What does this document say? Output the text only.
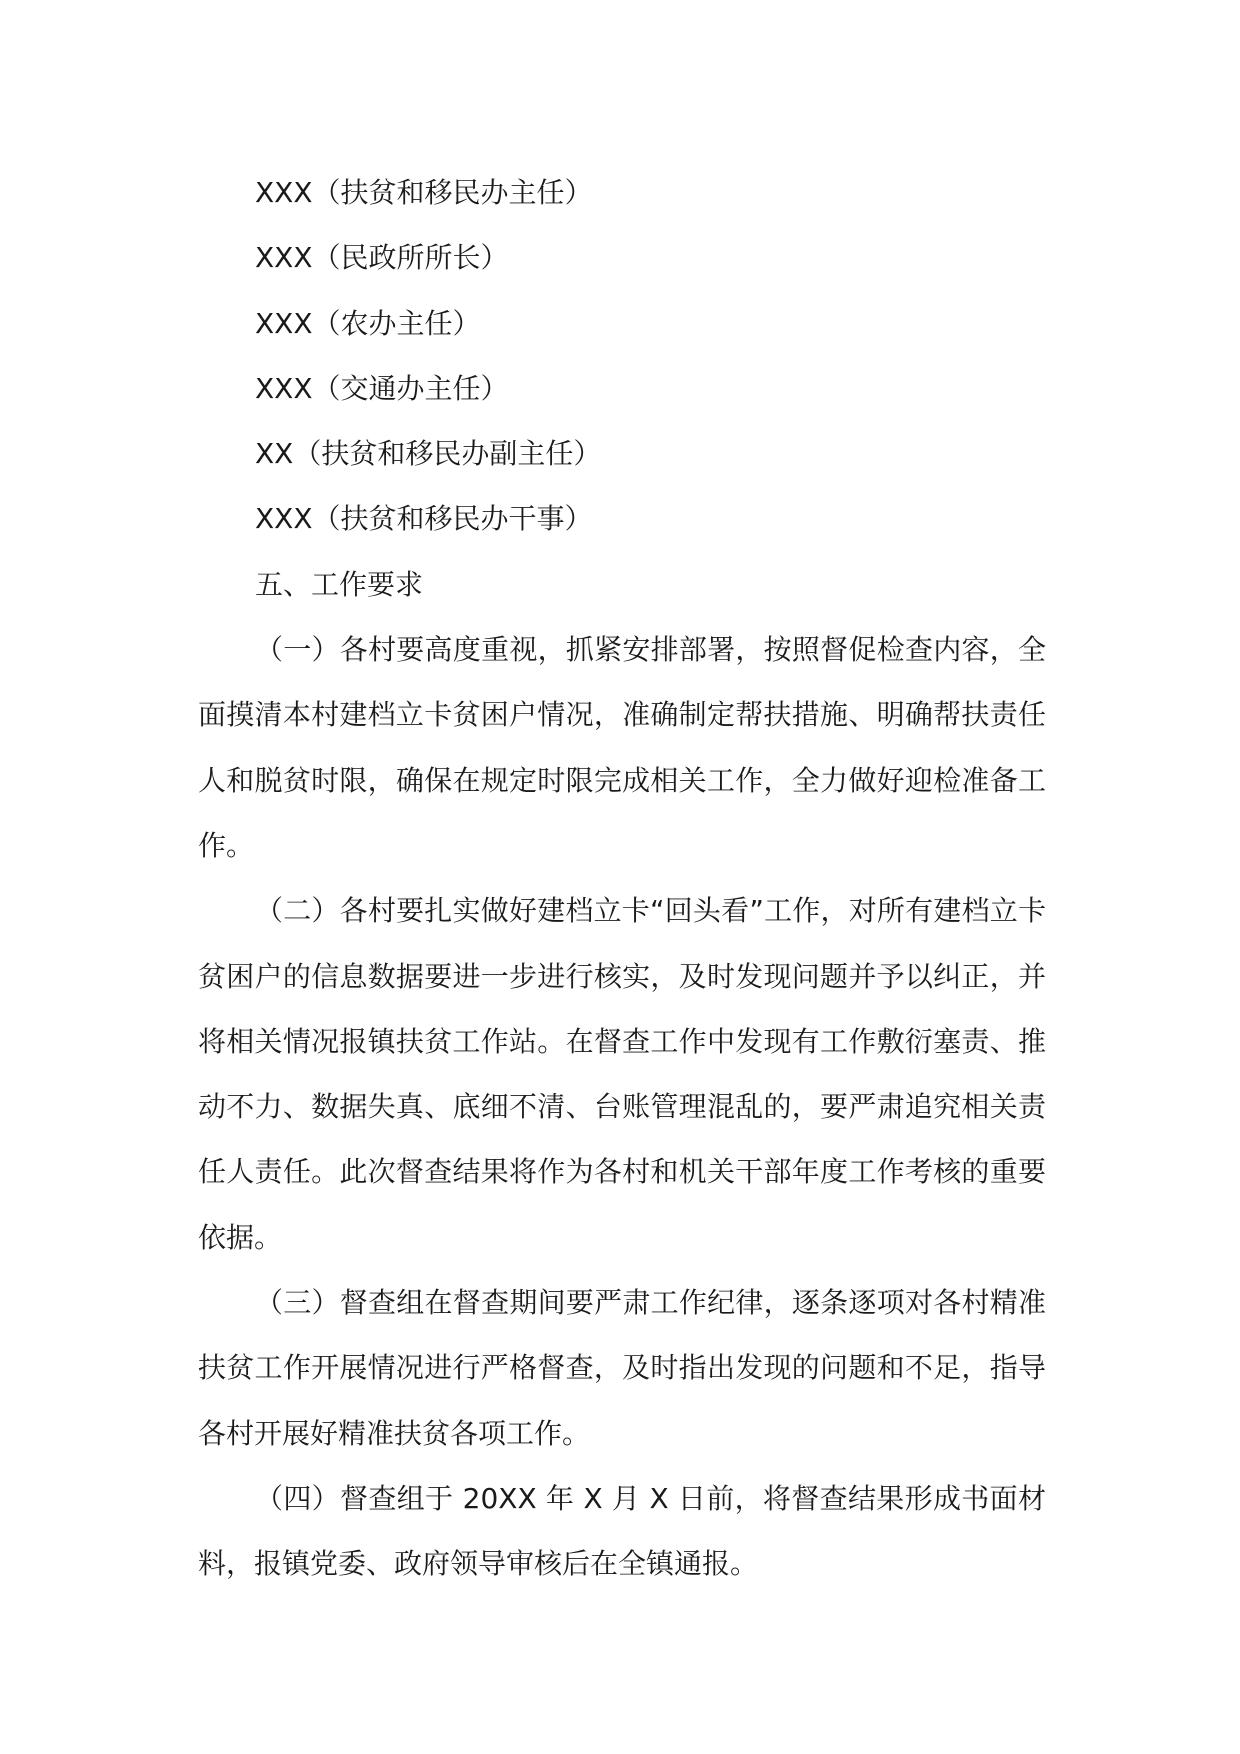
XXX（扶贫和移民办主任）
XXX（民政所所长）
XXX（农办主任）
XXX（交通办主任）
XX（扶贫和移民办副主任）
XXX（扶贫和移民办干事）
五、工作要求

（一）各村要高度重视，抓紧安排部署，按照督促检查内容，全面摸清本村建档立卡贫困户情况，准确制定帮扶措施、明确帮扶责任人和脱贫时限，确保在规定时限完成相关工作，全力做好迎检准备工作。

（二）各村要扎实做好建档立卡“回头看”工作，对所有建档立卡贫困户的信息数据要进一步进行核实，及时发现问题并予以纠正，并将相关情况报镇扶贫工作站。在督查工作中发现有工作敷衍塞责、推动不力、数据失真、底细不清、台账管理混乱的，要严肃追究相关责任人责任。此次督查结果将作为各村和机关干部年度工作考核的重要依据。

（三）督查组在督查期间要严肃工作纪律，逐条逐项对各村精准扶贫工作开展情况进行严格督查，及时指出发现的问题和不足，指导各村开展好精准扶贫各项工作。

（四）督查组于 20XX 年 X 月 X 日前，将督查结果形成书面材料，报镇党委、政府领导审核后在全镇通报。
